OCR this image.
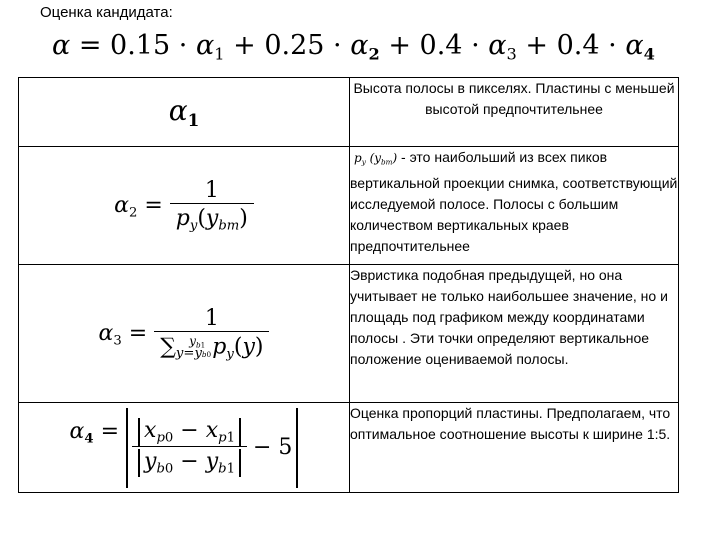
Оценка кандидата:
$\alpha = 0.15 \cdot \alpha_1 + 0.25 \cdot \alpha_2 + 0.4 \cdot \alpha_3 + 0.4 \cdot \alpha_4$
$\alpha_1$	Высота полосы в пикселях. Пластины с меньшей высотой предпочтительнее
$\alpha_2 = \frac{1}{p_y(y_{bm})}$	$p_y$ $(y_{bm})$ - это наибольший из всех пиков вертикальной проекции снимка, соответствующий исследуемой полосе. Полосы с большим количеством вертикальных краев предпочтительнее
$\alpha_3 = \frac{1}{\sum_{y=yb0}^{y_{b1}} p_y(y)}$	Эвристика подобная предыдущей, но она учитывает не только наибольшее значение, но и площадь под графиком между координатами полосы . Эти точки определяют вертикальное положение оцениваемой полосы.
$\alpha_4 = \frac{x_{p0} - x_{p1}}{y_{b0} - y_{b1}} - 5$	Оценка пропорций пластины. Предполагаем, что оптимальное соотношение высоты к ширине 1:5.
